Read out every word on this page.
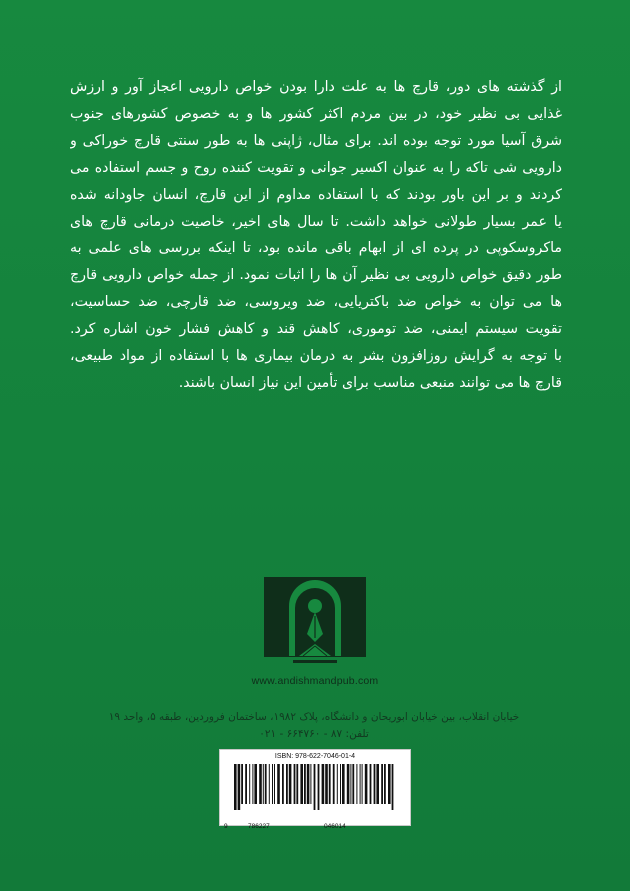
از گذشته های دور، قارچ ها به علت دارا بودن خواص دارویی اعجاز آور و ارزش
غذایی بی نظیر خود، در بین مردم اکثر کشور ها و به خصوص کشورهای جنوب
شرق آسیا مورد توجه بوده اند. برای مثال، ژاپنی ها به طور سنتی قارچ خوراکی و
دارویی شی تاکه را به عنوان اکسیر جوانی و تقویت کننده روح و جسم استفاده می
کردند و بر این باور بودند که با استفاده مداوم از این قارچ، انسان جاودانه شده
یا عمر بسیار طولانی خواهد داشت. تا سال های اخیر، خاصیت درمانی قارچ های
ماکروسکوپی در پرده ای از ابهام باقی مانده بود، تا اینکه بررسی های علمی به
طور دقیق خواص دارویی بی نظیر آن ها را اثبات نمود. از جمله خواص دارویی قارچ
ها می توان به خواص ضد باکتریایی، ضد ویروسی، ضد قارچی، ضد حساسیت،
تقویت سیستم ایمنی، ضد توموری، کاهش قند و کاهش فشار خون اشاره کرد.
با توجه به گرایش روزافزون بشر به درمان بیماری ها با استفاده از مواد طبیعی،
قارچ ها می توانند منبعی مناسب برای تأمین این نیاز انسان باشند.
www.andishmandpub.com

خیابان انقلاب، بین خیابان ابوریحان و دانشگاه، پلاک ۱۹۸۲، ساختمان فروردین، طبقه ۵، واحد ۱۹
تلفن: ۸۷ - ۶۶۴۷۶۰ - ۰۲۱

ISBN: 978-622-7046-01-4
9	786227	046014
